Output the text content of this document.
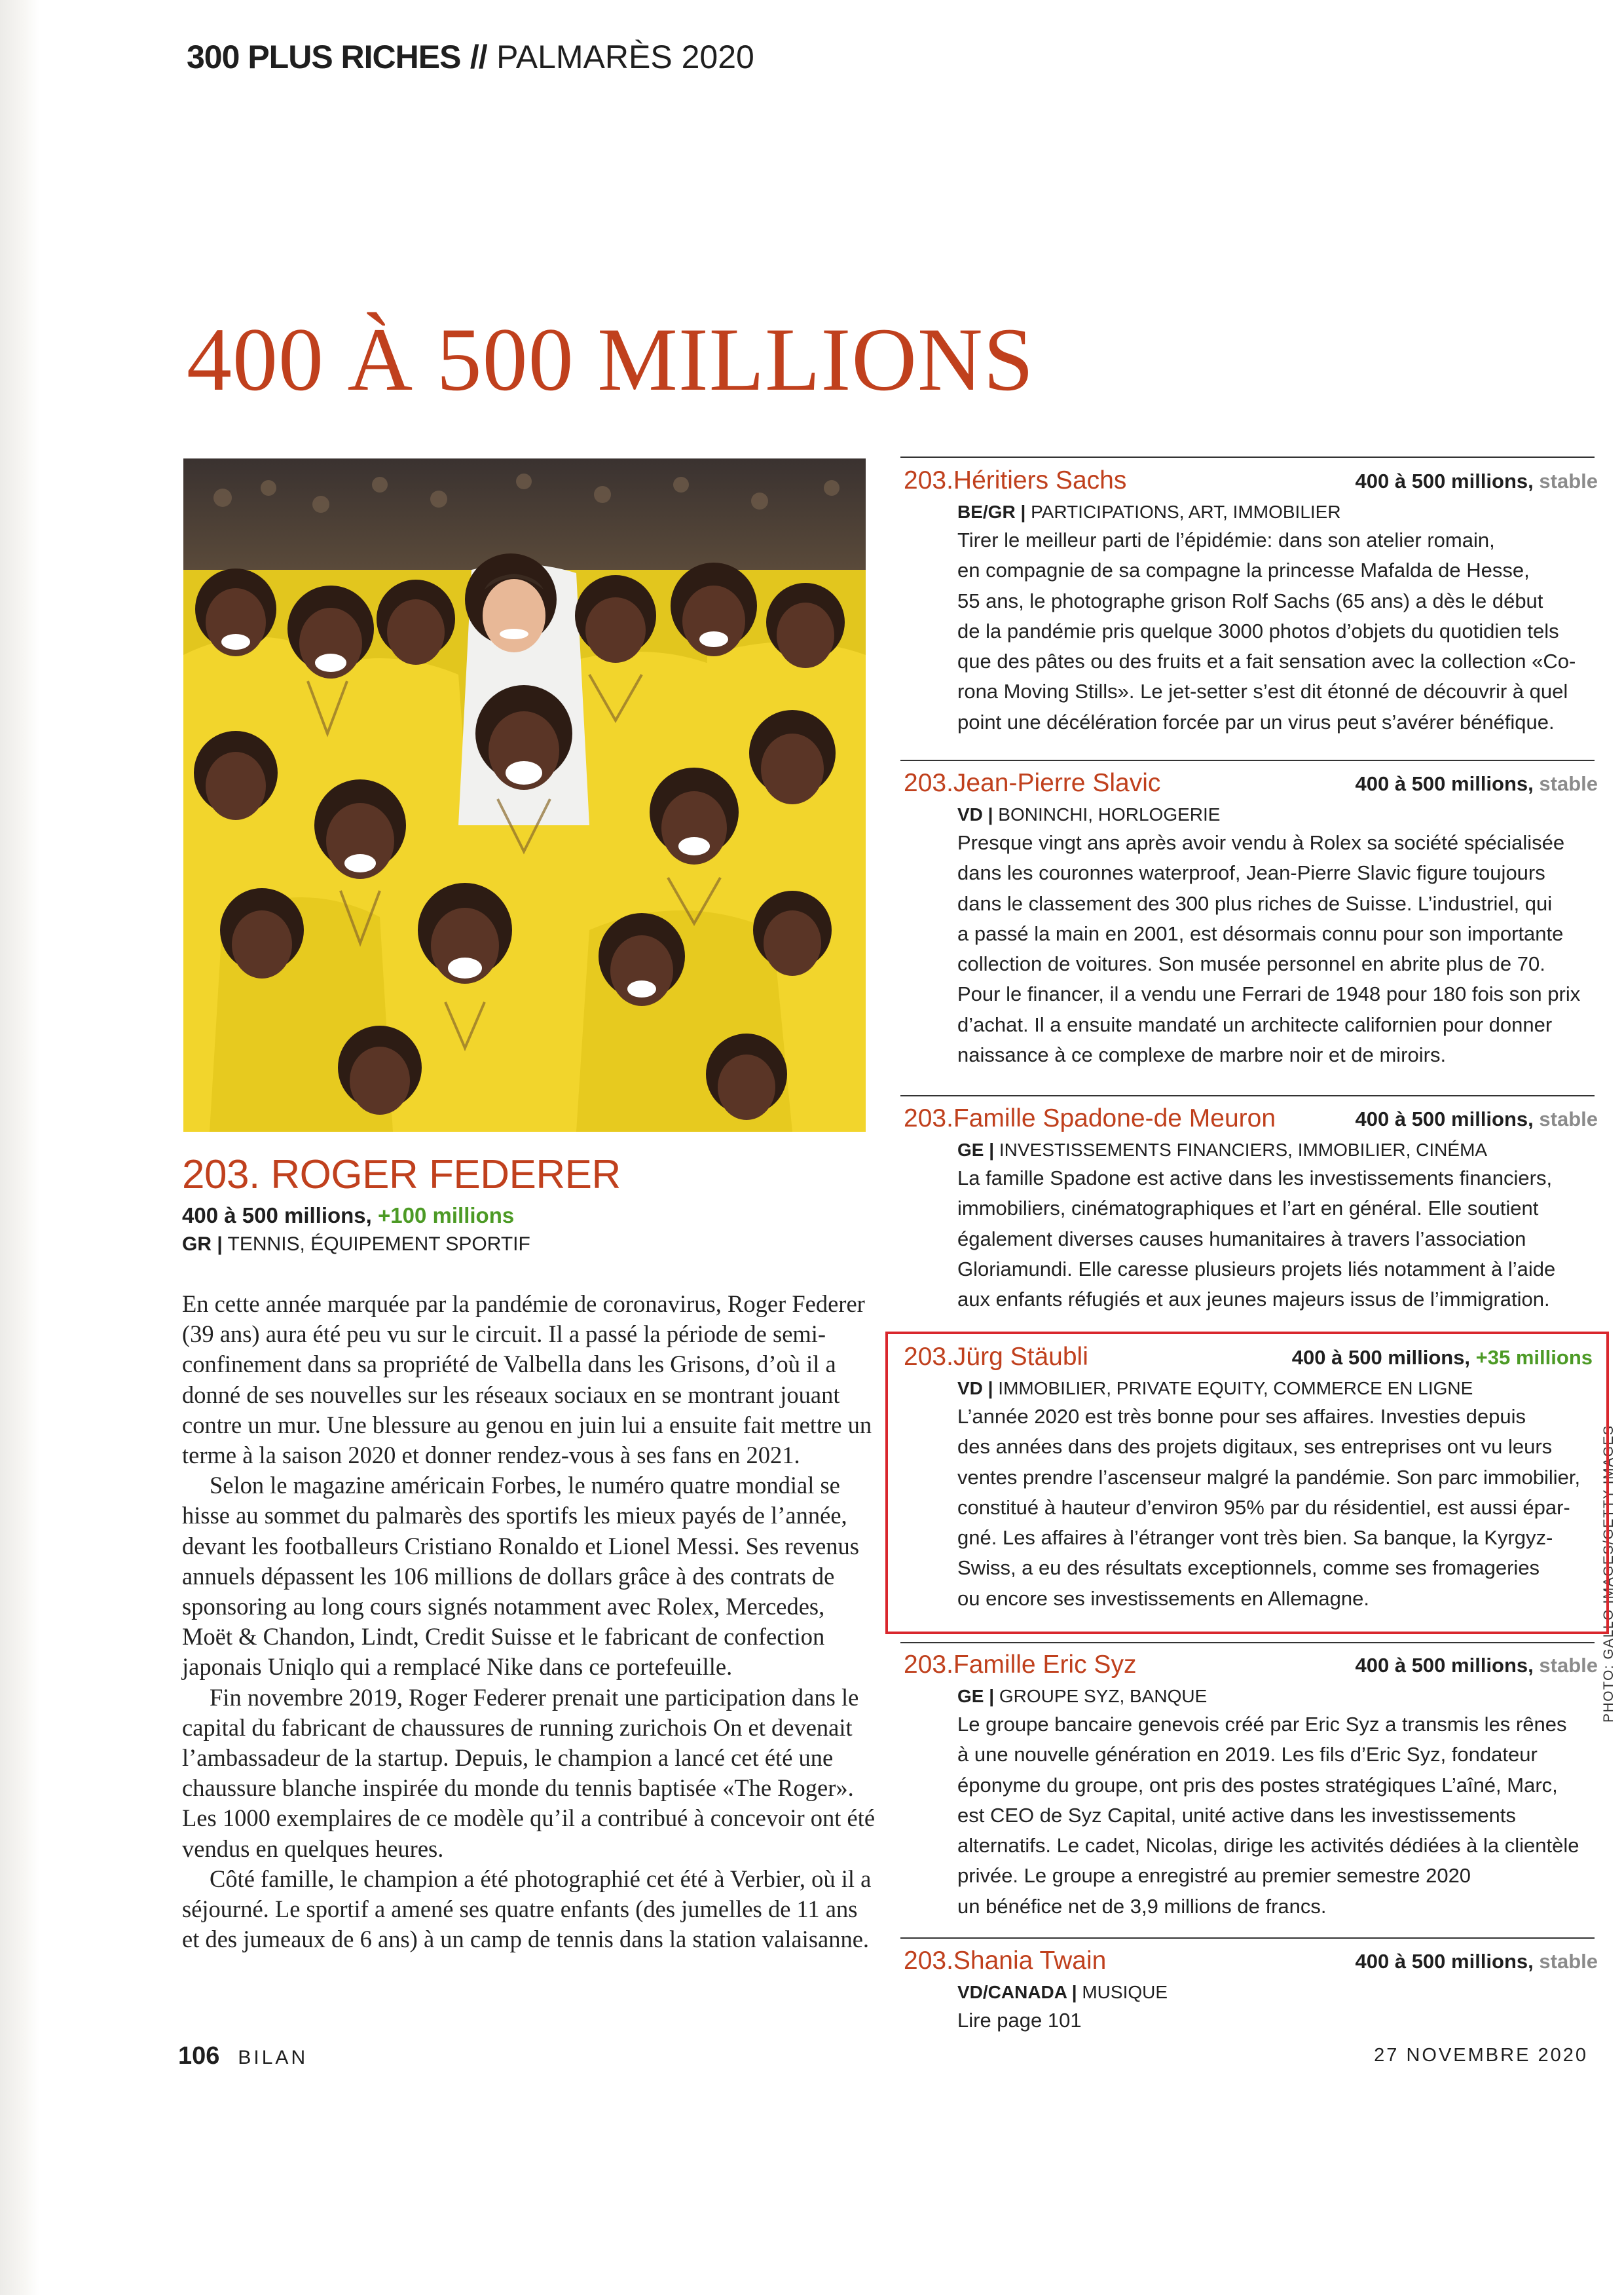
300 PLUS RICHES // PALMARÈS 2020
400 À 500 MILLIONS
PHOTO: GALLO IMAGES/GETTY IMAGES
203. ROGER FEDERER
400 à 500 millions, +100 millions
GR | TENNIS, ÉQUIPEMENT SPORTIF

En cette année marquée par la pandémie de coronavirus, Roger Federer (39 ans) aura été peu vu sur le circuit. Il a passé la période de semi-confinement dans sa propriété de Valbella dans les Grisons, d’où il a donné de ses nouvelles sur les réseaux sociaux en se montrant jouant contre un mur. Une blessure au genou en juin lui a ensuite fait mettre un terme à la saison 2020 et donner rendez-vous à ses fans en 2021.

Selon le magazine américain Forbes, le numéro quatre mondial se hisse au sommet du palmarès des sportifs les mieux payés de l’année, devant les footballeurs Cristiano Ronaldo et Lionel Messi. Ses revenus annuels dépassent les 106 millions de dollars grâce à des contrats de sponsoring au long cours signés notamment avec Rolex, Mercedes, Moët & Chandon, Lindt, Credit Suisse et le fabricant de confection japonais Uniqlo qui a remplacé Nike dans ce portefeuille.

Fin novembre 2019, Roger Federer prenait une participation dans le capital du fabricant de chaussures de running zurichois On et devenait l’ambassadeur de la startup. Depuis, le champion a lancé cet été une chaussure blanche inspirée du monde du tennis baptisée «The Roger». Les 1000 exemplaires de ce modèle qu’il a contribué à concevoir ont été vendus en quelques heures.

Côté famille, le champion a été photographié cet été à Verbier, où il a séjourné. Le sportif a amené ses quatre enfants (des jumelles de 11 ans et des jumeaux de 6 ans) à un camp de tennis dans la station valaisanne.

203.Héritiers Sachs	400 à 500 millions, stable
BE/GR | PARTICIPATIONS, ART, IMMOBILIER
Tirer le meilleur parti de l’épidémie: dans son atelier romain,
en compagnie de sa compagne la princesse Mafalda de Hesse,
55 ans, le photographe grison Rolf Sachs (65 ans) a dès le début
de la pandémie pris quelque 3000 photos d’objets du quotidien tels
que des pâtes ou des fruits et a fait sensation avec la collection «Co-
rona Moving Stills». Le jet-setter s’est dit étonné de découvrir à quel
point une décélération forcée par un virus peut s’avérer bénéfique.
203.Jean-Pierre Slavic	400 à 500 millions, stable
VD | BONINCHI, HORLOGERIE
Presque vingt ans après avoir vendu à Rolex sa société spécialisée
dans les couronnes waterproof, Jean-Pierre Slavic figure toujours
dans le classement des 300 plus riches de Suisse. L’industriel, qui
a passé la main en 2001, est désormais connu pour son importante
collection de voitures. Son musée personnel en abrite plus de 70.
Pour le financer, il a vendu une Ferrari de 1948 pour 180 fois son prix
d’achat. Il a ensuite mandaté un architecte californien pour donner
naissance à ce complexe de marbre noir et de miroirs.
203.Famille Spadone-de Meuron	400 à 500 millions, stable
GE | INVESTISSEMENTS FINANCIERS, IMMOBILIER, CINÉMA
La famille Spadone est active dans les investissements financiers,
immobiliers, cinématographiques et l’art en général. Elle soutient
également diverses causes humanitaires à travers l’association
Gloriamundi. Elle caresse plusieurs projets liés notamment à l’aide
aux enfants réfugiés et aux jeunes majeurs issus de l’immigration.
203.Jürg Stäubli	400 à 500 millions, +35 millions
VD | IMMOBILIER, PRIVATE EQUITY, COMMERCE EN LIGNE
L’année 2020 est très bonne pour ses affaires. Investies depuis
des années dans des projets digitaux, ses entreprises ont vu leurs
ventes prendre l’ascenseur malgré la pandémie. Son parc immobilier,
constitué à hauteur d’environ 95% par du résidentiel, est aussi épar-
gné. Les affaires à l’étranger vont très bien. Sa banque, la Kyrgyz-
Swiss, a eu des résultats exceptionnels, comme ses fromageries
ou encore ses investissements en Allemagne.
203.Famille Eric Syz	400 à 500 millions, stable
GE | GROUPE SYZ, BANQUE
Le groupe bancaire genevois créé par Eric Syz a transmis les rênes
à une nouvelle génération en 2019. Les fils d’Eric Syz, fondateur
éponyme du groupe, ont pris des postes stratégiques L’aîné, Marc,
est CEO de Syz Capital, unité active dans les investissements
alternatifs. Le cadet, Nicolas, dirige les activités dédiées à la clientèle
privée. Le groupe a enregistré au premier semestre 2020
un bénéfice net de 3,9 millions de francs.
203.Shania Twain	400 à 500 millions, stable
VD/CANADA | MUSIQUE
Lire page 101
106 BILAN	27 NOVEMBRE 2020
